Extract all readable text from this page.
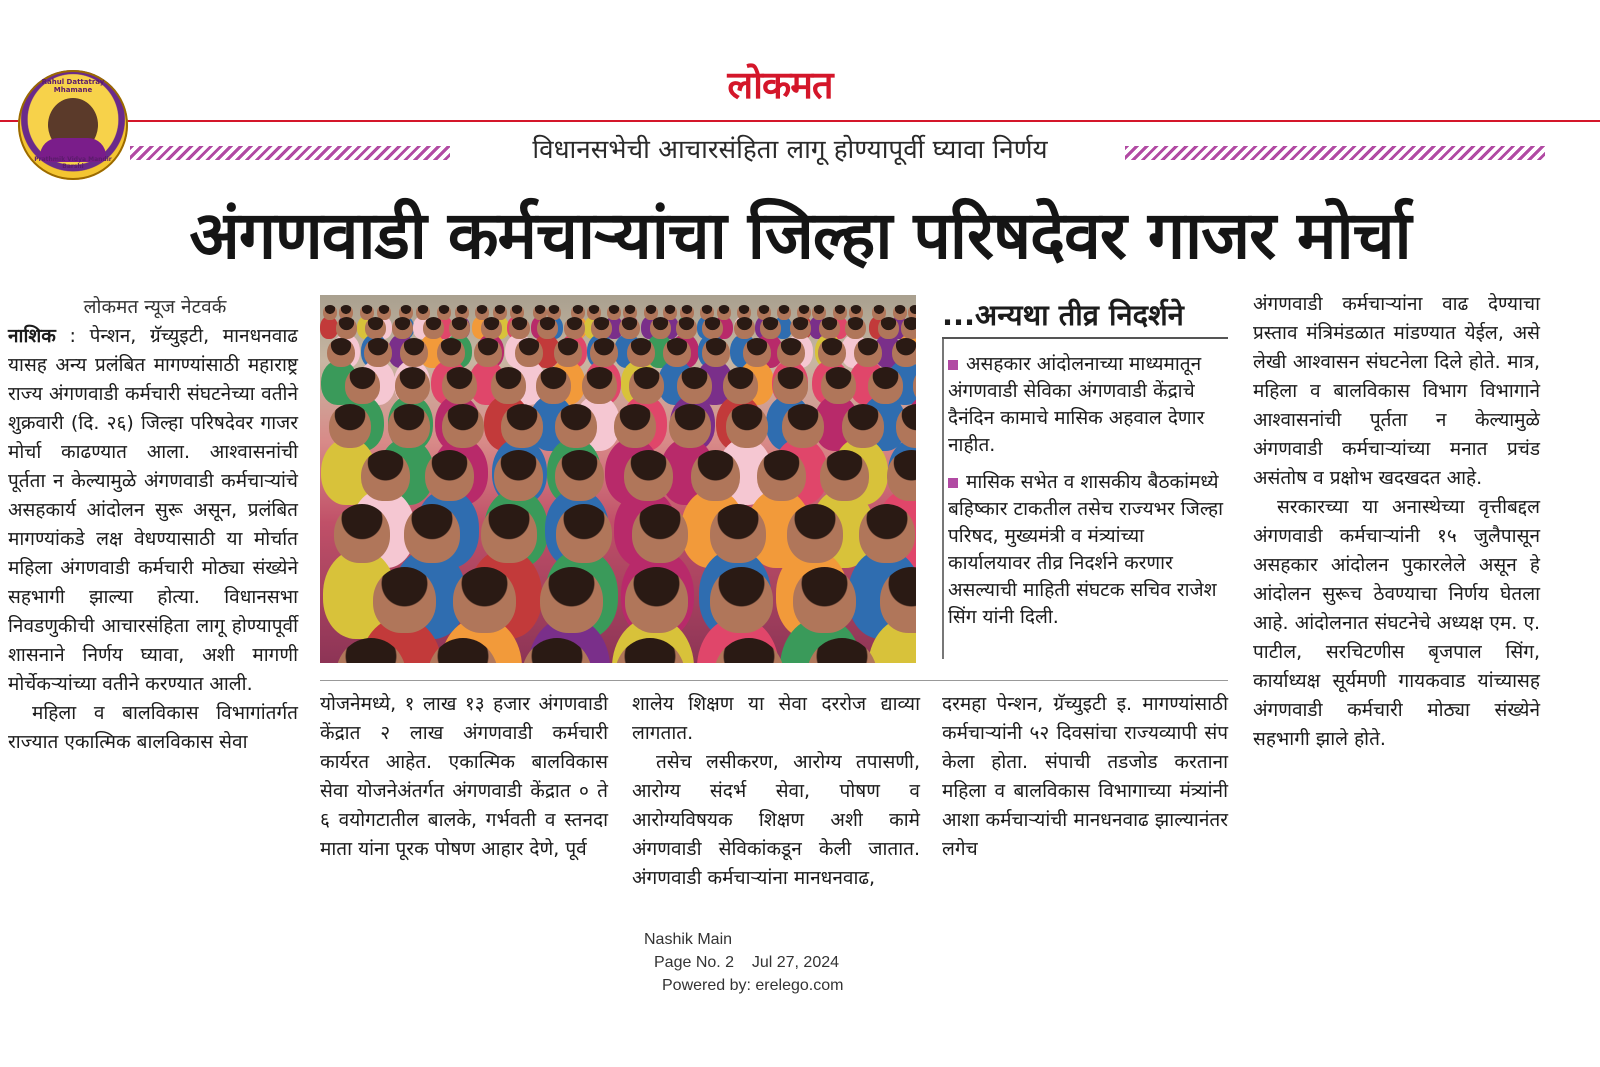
लोकमत
Rahul Dattatray Mhamane
Prathmik Vidya Mandir Barshi
विधानसभेची आचारसंहिता लागू होण्यापूर्वी घ्यावा निर्णय
अंगणवाडी कर्मचाऱ्यांचा जिल्हा परिषदेवर गाजर मोर्चा
लोकमत न्यूज नेटवर्क

नाशिक : पेन्शन, ग्रॅच्युइटी, मानधनवाढ यासह अन्य प्रलंबित मागण्यांसाठी महाराष्ट्र राज्य अंगणवाडी कर्मचारी संघटनेच्या वतीने शुक्रवारी (दि. २६) जिल्हा परिषदेवर गाजर मोर्चा काढण्यात आला. आश्वासनांची पूर्तता न केल्यामुळे अंगणवाडी कर्मचाऱ्यांचे असहकार्य आंदोलन सुरू असून, प्रलंबित मागण्यांकडे लक्ष वेधण्यासाठी या मोर्चात महिला अंगणवाडी कर्मचारी मोठ्या संख्येने सहभागी झाल्या होत्या. विधानसभा निवडणुकीची आचारसंहिता लागू होण्यापूर्वी शासनाने निर्णय घ्यावा, अशी मागणी मोर्चेकऱ्यांच्या वतीने करण्यात आली.

महिला व बालविकास विभागांतर्गत राज्यात एकात्मिक बालविकास सेवा

...अन्यथा तीव्र निदर्शने
असहकार आंदोलनाच्या माध्यमातून अंगणवाडी सेविका अंगणवाडी केंद्राचे दैनंदिन कामाचे मासिक अहवाल देणार नाहीत.
मासिक सभेत व शासकीय बैठकांमध्ये बहिष्कार टाकतील तसेच राज्यभर जिल्हा परिषद, मुख्यमंत्री व मंत्र्यांच्या कार्यालयावर तीव्र निदर्शने करणार असल्याची माहिती संघटक सचिव राजेश सिंग यांनी दिली.

योजनेमध्ये, १ लाख १३ हजार अंगणवाडी केंद्रात २ लाख अंगणवाडी कर्मचारी कार्यरत आहेत. एकात्मिक बालविकास सेवा योजनेअंतर्गत अंगणवाडी केंद्रात ० ते ६ वयोगटातील बालके, गर्भवती व स्तनदा माता यांना पूरक पोषण आहार देणे, पूर्व

शालेय शिक्षण या सेवा दररोज द्याव्या लागतात.

तसेच लसीकरण, आरोग्य तपासणी, आरोग्य संदर्भ सेवा, पोषण व आरोग्यविषयक शिक्षण अशी कामे अंगणवाडी सेविकांकडून केली जातात. अंगणवाडी कर्मचाऱ्यांना मानधनवाढ,

दरमहा पेन्शन, ग्रॅच्युइटी इ. मागण्यांसाठी कर्मचाऱ्यांनी ५२ दिवसांचा राज्यव्यापी संप केला होता. संपाची तडजोड करताना महिला व बालविकास विभागाच्या मंत्र्यांनी आशा कर्मचाऱ्यांची मानधनवाढ झाल्यानंतर लगेच

अंगणवाडी कर्मचाऱ्यांना वाढ देण्याचा प्रस्ताव मंत्रिमंडळात मांडण्यात येईल, असे लेखी आश्वासन संघटनेला दिले होते. मात्र, महिला व बालविकास विभाग विभागाने आश्वासनांची पूर्तता न केल्यामुळे अंगणवाडी कर्मचाऱ्यांच्या मनात प्रचंड असंतोष व प्रक्षोभ खदखदत आहे.

सरकारच्या या अनास्थेच्या वृत्तीबद्दल अंगणवाडी कर्मचाऱ्यांनी १५ जुलैपासून असहकार आंदोलन पुकारलेले असून हे आंदोलन सुरूच ठेवण्याचा निर्णय घेतला आहे. आंदोलनात संघटनेचे अध्यक्ष एम. ए. पाटील, सरचिटणीस बृजपाल सिंग, कार्याध्यक्ष सूर्यमणी गायकवाड यांच्यासह अंगणवाडी कर्मचारी मोठ्या संख्येने सहभागी झाले होते.

Nashik Main
Page No. 2    Jul 27, 2024
Powered by: erelego.com
